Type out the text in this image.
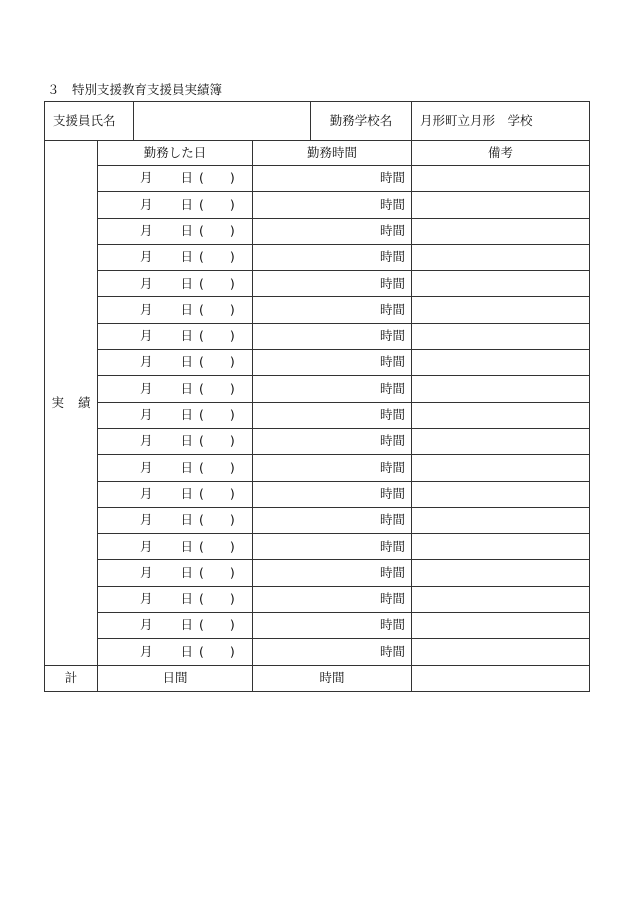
３　特別支援教育支援員実績簿
支援員氏名				勤務学校名	月形町立月形　学校
実 績	勤務した日		勤務時間		備考
	月 日 ( )		時間		
	月 日 ( )		時間		
	月 日 ( )		時間		
	月 日 ( )		時間		
	月 日 ( )		時間		
	月 日 ( )		時間		
	月 日 ( )		時間		
	月 日 ( )		時間		
	月 日 ( )		時間		
	月 日 ( )		時間		
	月 日 ( )		時間		
	月 日 ( )		時間		
	月 日 ( )		時間		
	月 日 ( )		時間		
	月 日 ( )		時間		
	月 日 ( )		時間		
	月 日 ( )		時間		
	月 日 ( )		時間		
	月 日 ( )		時間		
計	日間		時間		
